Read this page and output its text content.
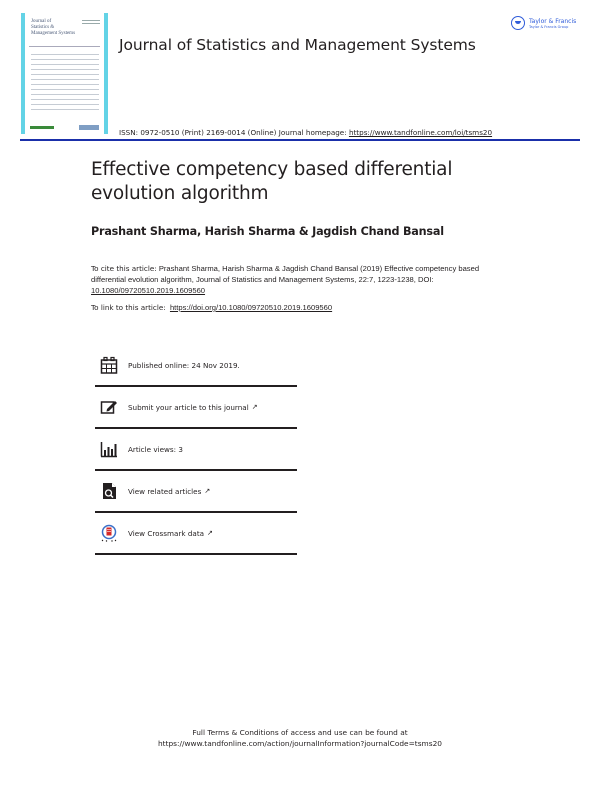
Journal of
Statistics &
Management Systems
Journal of Statistics and Management Systems
Taylor & Francis
Taylor & Francis Group
ISSN: 0972-0510 (Print) 2169-0014 (Online) Journal homepage: https://www.tandfonline.com/loi/tsms20
Effective competency based differential evolution algorithm
Prashant Sharma, Harish Sharma & Jagdish Chand Bansal
To cite this article: Prashant Sharma, Harish Sharma & Jagdish Chand Bansal (2019) Effective competency based differential evolution algorithm, Journal of Statistics and Management Systems, 22:7, 1223-1238, DOI: 10.1080/09720510.2019.1609560
To link to this article: https://doi.org/10.1080/09720510.2019.1609560
Published online: 24 Nov 2019.
Submit your article to this journal ↗
Article views: 3
View related articles ↗
View Crossmark data ↗
Full Terms & Conditions of access and use can be found at
https://www.tandfonline.com/action/journalInformation?journalCode=tsms20
